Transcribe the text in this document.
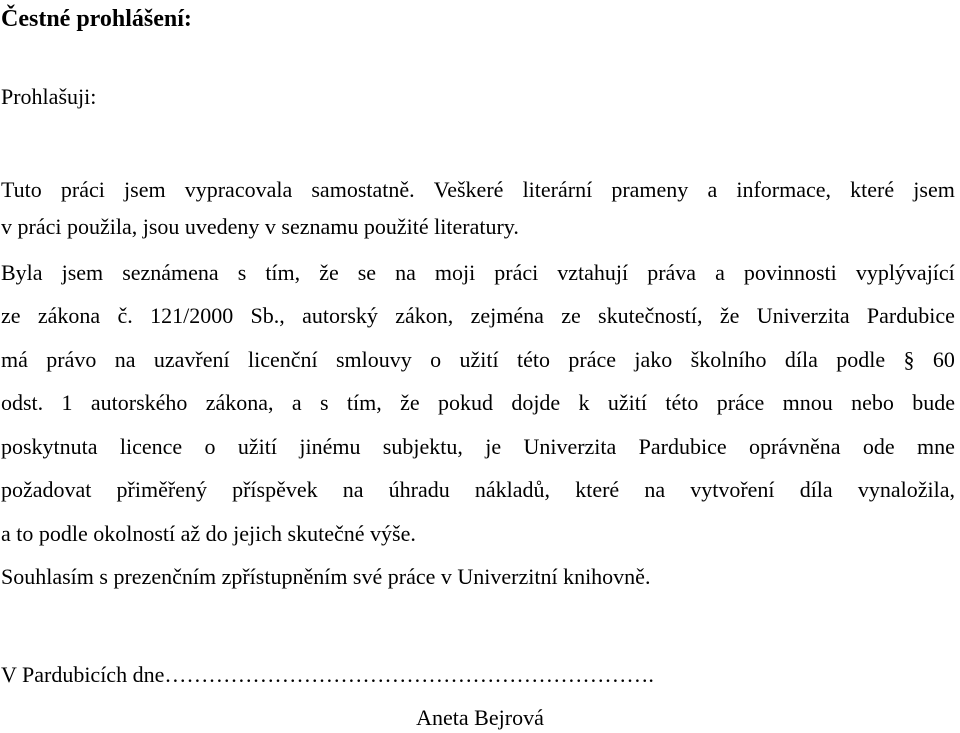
Čestné prohlášení:
Prohlašuji:
Tuto práci jsem vypracovala samostatně. Veškeré literární prameny a informace, které jsem
v práci použila, jsou uvedeny v seznamu použité literatury.
Byla jsem seznámena s tím, že se na moji práci vztahují práva a povinnosti vyplývající
ze zákona č. 121/2000 Sb., autorský zákon, zejména ze skutečností, že Univerzita Pardubice
má právo na uzavření licenční smlouvy o užití této práce jako školního díla podle § 60
odst. 1 autorského zákona, a s tím, že pokud dojde k užití této práce mnou nebo bude
poskytnuta licence o užití jinému subjektu, je Univerzita Pardubice oprávněna ode mne
požadovat přiměřený příspěvek na úhradu nákladů, které na vytvoření díla vynaložila,
a to podle okolností až do jejich skutečné výše.
Souhlasím s prezenčním zpřístupněním své práce v Univerzitní knihovně.
V Pardubicích dne………………………………………………………….
Aneta Bejrová
